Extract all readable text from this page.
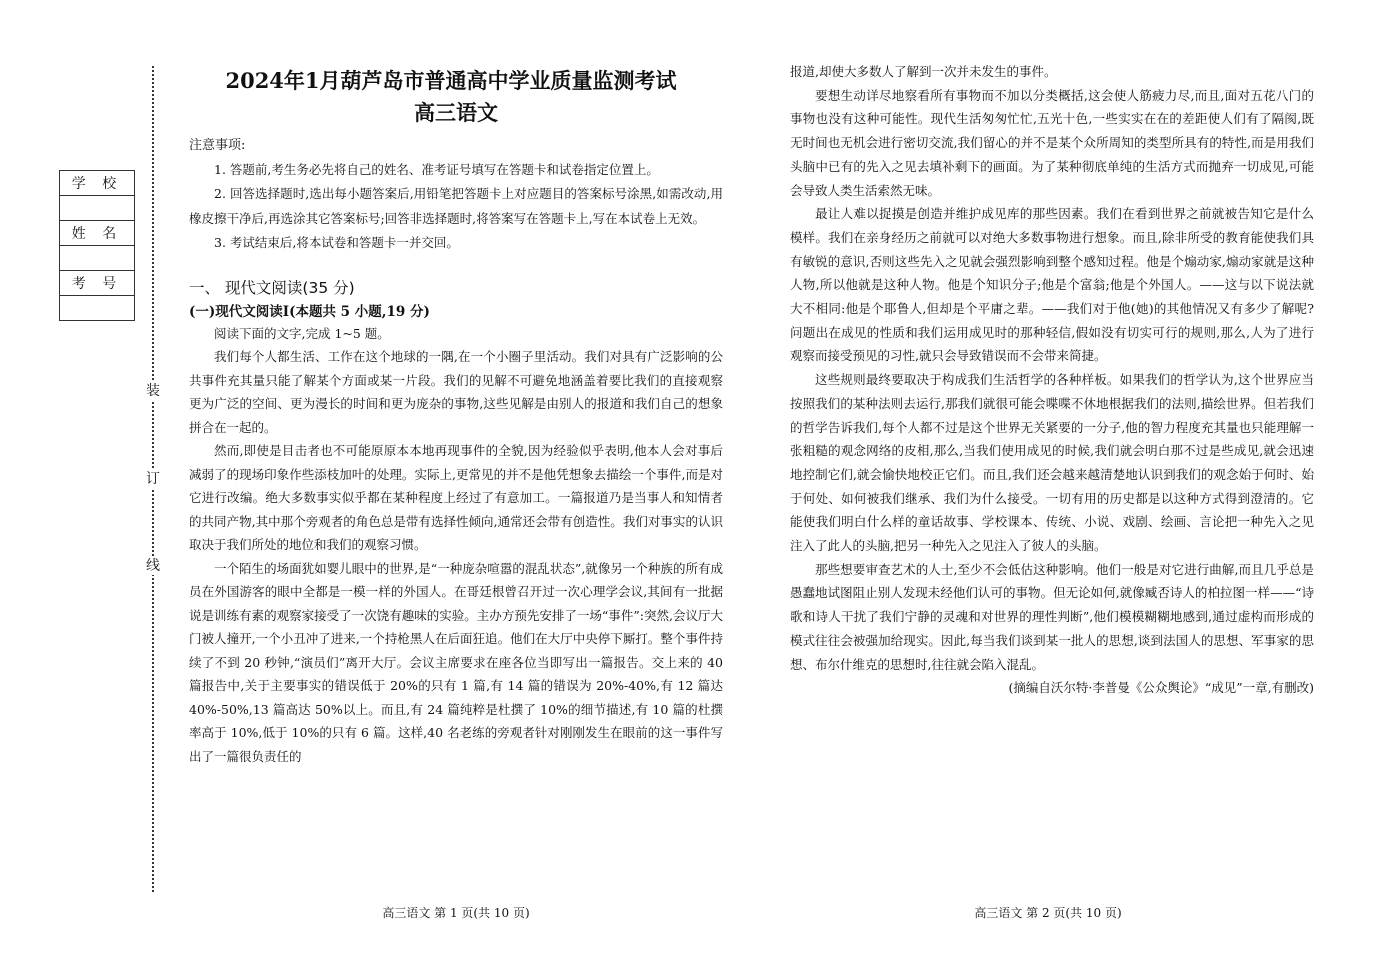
装
订
线
学 校

姓 名

考 号

2024年1月葫芦岛市普通高中学业质量监测考试
高三语文
注意事项:

1. 答题前,考生务必先将自己的姓名、准考证号填写在答题卡和试卷指定位置上。

2. 回答选择题时,选出每小题答案后,用铅笔把答题卡上对应题目的答案标号涂黑,如需改动,用橡皮擦干净后,再选涂其它答案标号;回答非选择题时,将答案写在答题卡上,写在本试卷上无效。

3. 考试结束后,将本试卷和答题卡一并交回。

一、 现代文阅读(35 分)
(一)现代文阅读Ⅰ(本题共 5 小题,19 分)

阅读下面的文字,完成 1~5 题。

我们每个人都生活、工作在这个地球的一隅,在一个小圈子里活动。我们对具有广泛影响的公共事件充其量只能了解某个方面或某一片段。我们的见解不可避免地涵盖着要比我们的直接观察更为广泛的空间、更为漫长的时间和更为庞杂的事物,这些见解是由别人的报道和我们自己的想象拼合在一起的。

然而,即使是目击者也不可能原原本本地再现事件的全貌,因为经验似乎表明,他本人会对事后减弱了的现场印象作些添枝加叶的处理。实际上,更常见的并不是他凭想象去描绘一个事件,而是对它进行改编。绝大多数事实似乎都在某种程度上经过了有意加工。一篇报道乃是当事人和知情者的共同产物,其中那个旁观者的角色总是带有选择性倾向,通常还会带有创造性。我们对事实的认识取决于我们所处的地位和我们的观察习惯。

一个陌生的场面犹如婴儿眼中的世界,是“一种庞杂喧嚣的混乱状态”,就像另一个种族的所有成员在外国游客的眼中全都是一模一样的外国人。在哥廷根曾召开过一次心理学会议,其间有一批据说是训练有素的观察家接受了一次饶有趣味的实验。主办方预先安排了一场“事件”:突然,会议厅大门被人撞开,一个小丑冲了进来,一个持枪黑人在后面狂追。他们在大厅中央停下厮打。整个事件持续了不到 20 秒钟,“演员们”离开大厅。会议主席要求在座各位当即写出一篇报告。交上来的 40 篇报告中,关于主要事实的错误低于 20%的只有 1 篇,有 14 篇的错误为 20%-40%,有 12 篇达 40%-50%,13 篇高达 50%以上。而且,有 24 篇纯粹是杜撰了 10%的细节描述,有 10 篇的杜撰率高于 10%,低于 10%的只有 6 篇。这样,40 名老练的旁观者针对刚刚发生在眼前的这一事件写出了一篇很负责任的

报道,却使大多数人了解到一次并未发生的事件。

要想生动详尽地察看所有事物而不加以分类概括,这会使人筋疲力尽,而且,面对五花八门的事物也没有这种可能性。现代生活匆匆忙忙,五光十色,一些实实在在的差距使人们有了隔阂,既无时间也无机会进行密切交流,我们留心的并不是某个众所周知的类型所具有的特性,而是用我们头脑中已有的先入之见去填补剩下的画面。为了某种彻底单纯的生活方式而抛弃一切成见,可能会导致人类生活索然无味。

最让人难以捉摸是创造并维护成见库的那些因素。我们在看到世界之前就被告知它是什么模样。我们在亲身经历之前就可以对绝大多数事物进行想象。而且,除非所受的教育能使我们具有敏锐的意识,否则这些先入之见就会强烈影响到整个感知过程。他是个煽动家,煽动家就是这种人物,所以他就是这种人物。他是个知识分子;他是个富翁;他是个外国人。——这与以下说法就大不相同:他是个耶鲁人,但却是个平庸之辈。——我们对于他(她)的其他情况又有多少了解呢?问题出在成见的性质和我们运用成见时的那种轻信,假如没有切实可行的规则,那么,人为了进行观察而接受预见的习性,就只会导致错误而不会带来简捷。

这些规则最终要取决于构成我们生活哲学的各种样板。如果我们的哲学认为,这个世界应当按照我们的某种法则去运行,那我们就很可能会喋喋不休地根据我们的法则,描绘世界。但若我们的哲学告诉我们,每个人都不过是这个世界无关紧要的一分子,他的智力程度充其量也只能理解一张粗糙的观念网络的皮相,那么,当我们使用成见的时候,我们就会明白那不过是些成见,就会迅速地控制它们,就会愉快地校正它们。而且,我们还会越来越清楚地认识到我们的观念始于何时、始于何处、如何被我们继承、我们为什么接受。一切有用的历史都是以这种方式得到澄清的。它能使我们明白什么样的童话故事、学校课本、传统、小说、戏剧、绘画、言论把一种先入之见注入了此人的头脑,把另一种先入之见注入了彼人的头脑。

那些想要审查艺术的人士,至少不会低估这种影响。他们一般是对它进行曲解,而且几乎总是愚蠢地试图阻止别人发现未经他们认可的事物。但无论如何,就像臧否诗人的柏拉图一样——“诗歌和诗人干扰了我们宁静的灵魂和对世界的理性判断”,他们模模糊糊地感到,通过虚构而形成的模式往往会被强加给现实。因此,每当我们谈到某一批人的思想,谈到法国人的思想、军事家的思想、布尔什维克的思想时,往往就会陷入混乱。

(摘编自沃尔特·李普曼《公众舆论》“成见”一章,有删改)

高三语文 第 1 页(共 10 页)	高三语文 第 2 页(共 10 页)
